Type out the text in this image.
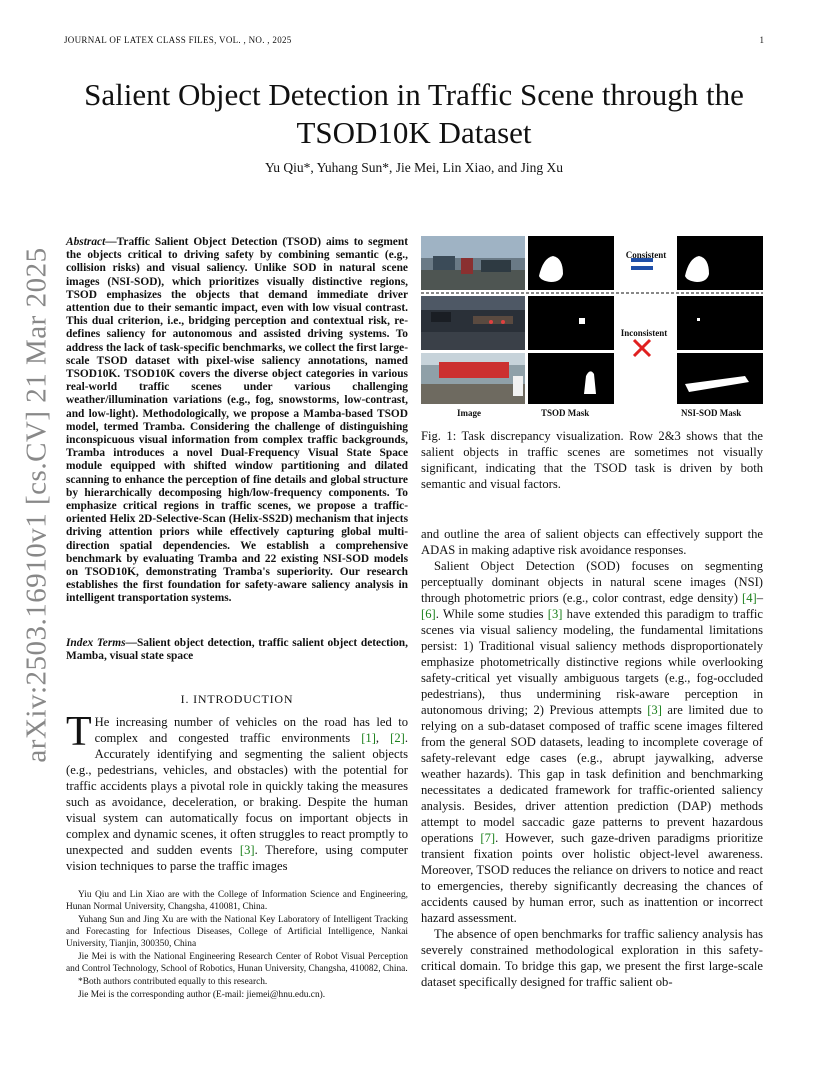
JOURNAL OF LATEX CLASS FILES, VOL. , NO. , 2025	1
Salient Object Detection in Traffic Scene through the TSOD10K Dataset
Yu Qiu*, Yuhang Sun*, Jie Mei, Lin Xiao, and Jing Xu
arXiv:2503.16910v1 [cs.CV] 21 Mar 2025
Abstract—Traffic Salient Object Detection (TSOD) aims to segment the objects critical to driving safety by combining semantic (e.g., collision risks) and visual saliency. Unlike SOD in natural scene images (NSI-SOD), which prioritizes visually distinctive regions, TSOD emphasizes the objects that demand immediate driver attention due to their semantic impact, even with low visual contrast. This dual criterion, i.e., bridging perception and contextual risk, re-defines saliency for autonomous and assisted driving systems. To address the lack of task-specific benchmarks, we collect the first large-scale TSOD dataset with pixel-wise saliency annotations, named TSOD10K. TSOD10K covers the diverse object categories in various real-world traffic scenes under various challenging weather/illumination variations (e.g., fog, snowstorms, low-contrast, and low-light). Methodologically, we propose a Mamba-based TSOD model, termed Tramba. Considering the challenge of distinguishing inconspicuous visual information from complex traffic backgrounds, Tramba introduces a novel Dual-Frequency Visual State Space module equipped with shifted window partitioning and dilated scanning to enhance the perception of fine details and global structure by hierarchically decomposing high/low-frequency components. To emphasize critical regions in traffic scenes, we propose a traffic-oriented Helix 2D-Selective-Scan (Helix-SS2D) mechanism that injects driving attention priors while effectively capturing global multi-direction spatial dependencies. We establish a comprehensive benchmark by evaluating Tramba and 22 existing NSI-SOD models on TSOD10K, demonstrating Tramba's superiority. Our research establishes the first foundation for safety-aware saliency analysis in intelligent transportation systems.
Index Terms—Salient object detection, traffic salient object detection, Mamba, visual state space
I. INTRODUCTION
T He increasing number of vehicles on the road has led to complex and congested traffic environments [1], [2]. Accurately identifying and segmenting the salient objects (e.g., pedestrians, vehicles, and obstacles) with the potential for traffic accidents plays a pivotal role in quickly taking the measures such as avoidance, deceleration, or braking. Despite the human visual system can automatically focus on important objects in complex and dynamic scenes, it often struggles to react promptly to unexpected and sudden events [3]. Therefore, using computer vision techniques to parse the traffic images

Yiu Qiu and Lin Xiao are with the College of Information Science and Engineering, Hunan Normal University, Changsha, 410081, China.

Yuhang Sun and Jing Xu are with the National Key Laboratory of Intelligent Tracking and Forecasting for Infectious Diseases, College of Artificial Intelligence, Nankai University, Tianjin, 300350, China

Jie Mei is with the National Engineering Research Center of Robot Visual Perception and Control Technology, School of Robotics, Hunan University, Changsha, 410082, China.

*Both authors contributed equally to this research.

Jie Mei is the corresponding author (E-mail: jiemei@hnu.edu.cn).

Consistent
Inconsistent
Image	TSOD Mask	NSI-SOD Mask
Fig. 1: Task discrepancy visualization. Row 2&3 shows that the salient objects in traffic scenes are sometimes not visually significant, indicating that the TSOD task is driven by both semantic and visual factors.

and outline the area of salient objects can effectively support the ADAS in making adaptive risk avoidance responses.

Salient Object Detection (SOD) focuses on segmenting perceptually dominant objects in natural scene images (NSI) through photometric priors (e.g., color contrast, edge density) [4]–[6]. While some studies [3] have extended this paradigm to traffic scenes via visual saliency modeling, the fundamental limitations persist: 1) Traditional visual saliency methods disproportionately emphasize photometrically distinctive regions while overlooking safety-critical yet visually ambiguous targets (e.g., fog-occluded pedestrians), thus undermining risk-aware perception in autonomous driving; 2) Previous attempts [3] are limited due to relying on a sub-dataset composed of traffic scene images filtered from the general SOD datasets, leading to incomplete coverage of safety-relevant edge cases (e.g., abrupt jaywalking, adverse weather hazards). This gap in task definition and benchmarking necessitates a dedicated framework for traffic-oriented saliency analysis. Besides, driver attention prediction (DAP) methods attempt to model saccadic gaze patterns to prevent hazardous operations [7]. However, such gaze-driven paradigms prioritize transient fixation points over holistic object-level awareness. Moreover, TSOD reduces the reliance on drivers to notice and react to emergencies, thereby significantly decreasing the chances of accidents caused by human error, such as inattention or incorrect hazard assessment.

The absence of open benchmarks for traffic saliency analysis has severely constrained methodological exploration in this safety-critical domain. To bridge this gap, we present the first large-scale dataset specifically designed for traffic salient ob-
